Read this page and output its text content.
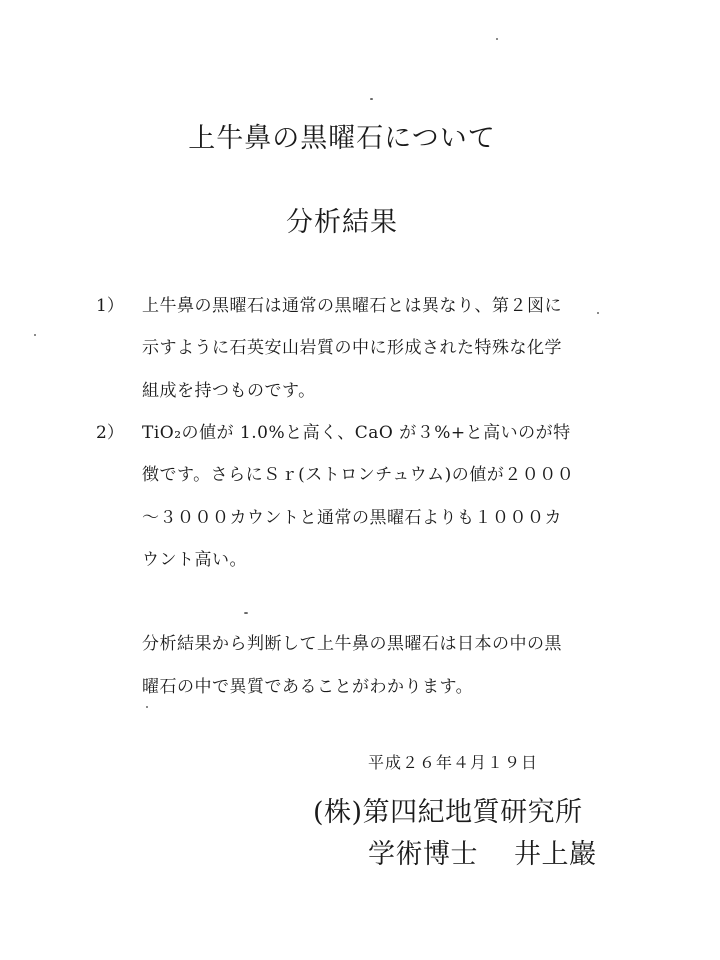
上牛鼻の黒曜石について
分析結果
1） 上牛鼻の黒曜石は通常の黒曜石とは異なり、第２図に
示すように石英安山岩質の中に形成された特殊な化学
組成を持つものです。
2） TiO₂の値が 1.0%と高く、CaO が３%+と高いのが特
徴です。さらにＳｒ(ストロンチュウム)の値が２０００
～３０００カウントと通常の黒曜石よりも１０００カ
ウント高い。
分析結果から判断して上牛鼻の黒曜石は日本の中の黒
曜石の中で異質であることがわかります。
平成２６年４月１９日
(株)第四紀地質研究所
学術博士 井上巖
